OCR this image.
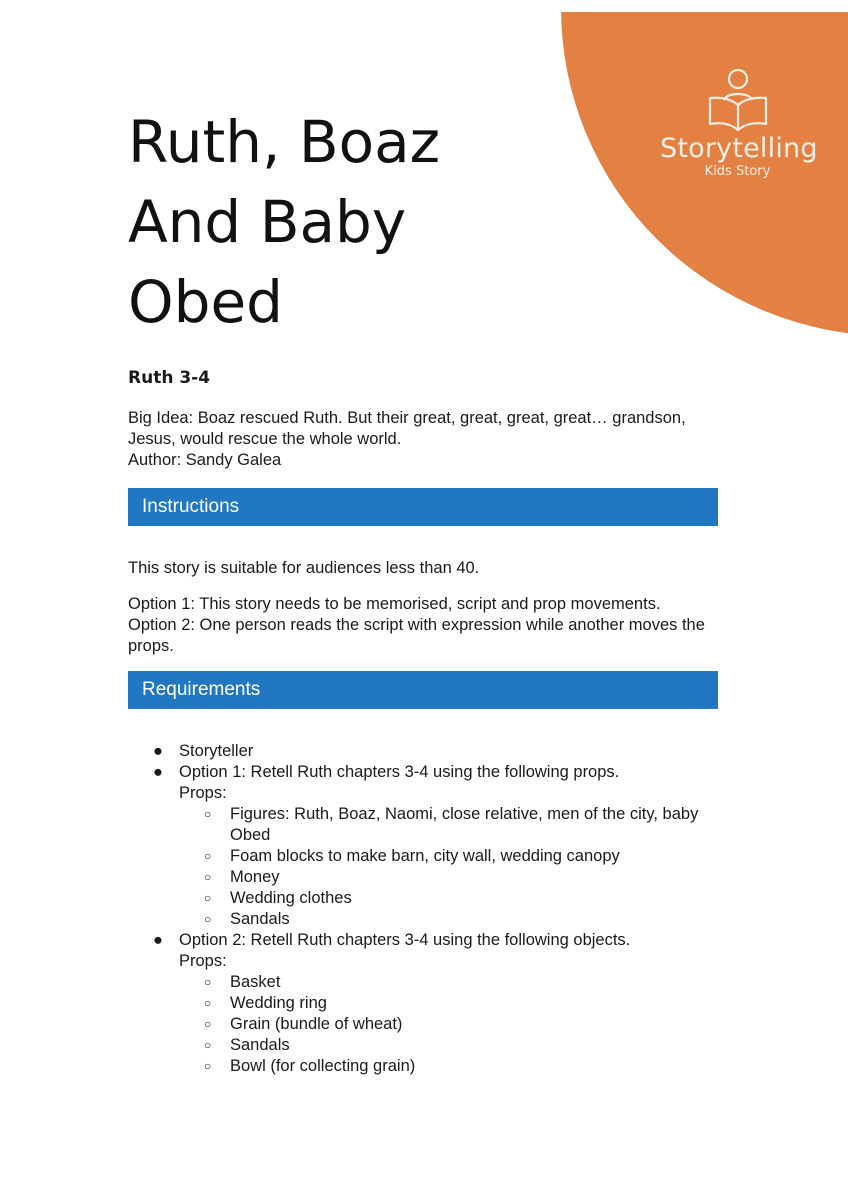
Storytelling
Kids Story
Ruth, Boaz
And Baby
Obed
Ruth 3-4

Big Idea: Boaz rescued Ruth. But their great, great, great, great… grandson, Jesus, would rescue the whole world.

Author: Sandy Galea

Instructions

This story is suitable for audiences less than 40.

Option 1: This story needs to be memorised, script and prop movements.

Option 2: One person reads the script with expression while another moves the props.

Requirements
● Storyteller
● Option 1: Retell Ruth chapters 3-4 using the following props.
Props:
○ Figures: Ruth, Boaz, Naomi, close relative, men of the city, baby Obed
○ Foam blocks to make barn, city wall, wedding canopy
○ Money
○ Wedding clothes
○ Sandals
● Option 2: Retell Ruth chapters 3-4 using the following objects.
Props:
○ Basket
○ Wedding ring
○ Grain (bundle of wheat)
○ Sandals
○ Bowl (for collecting grain)
